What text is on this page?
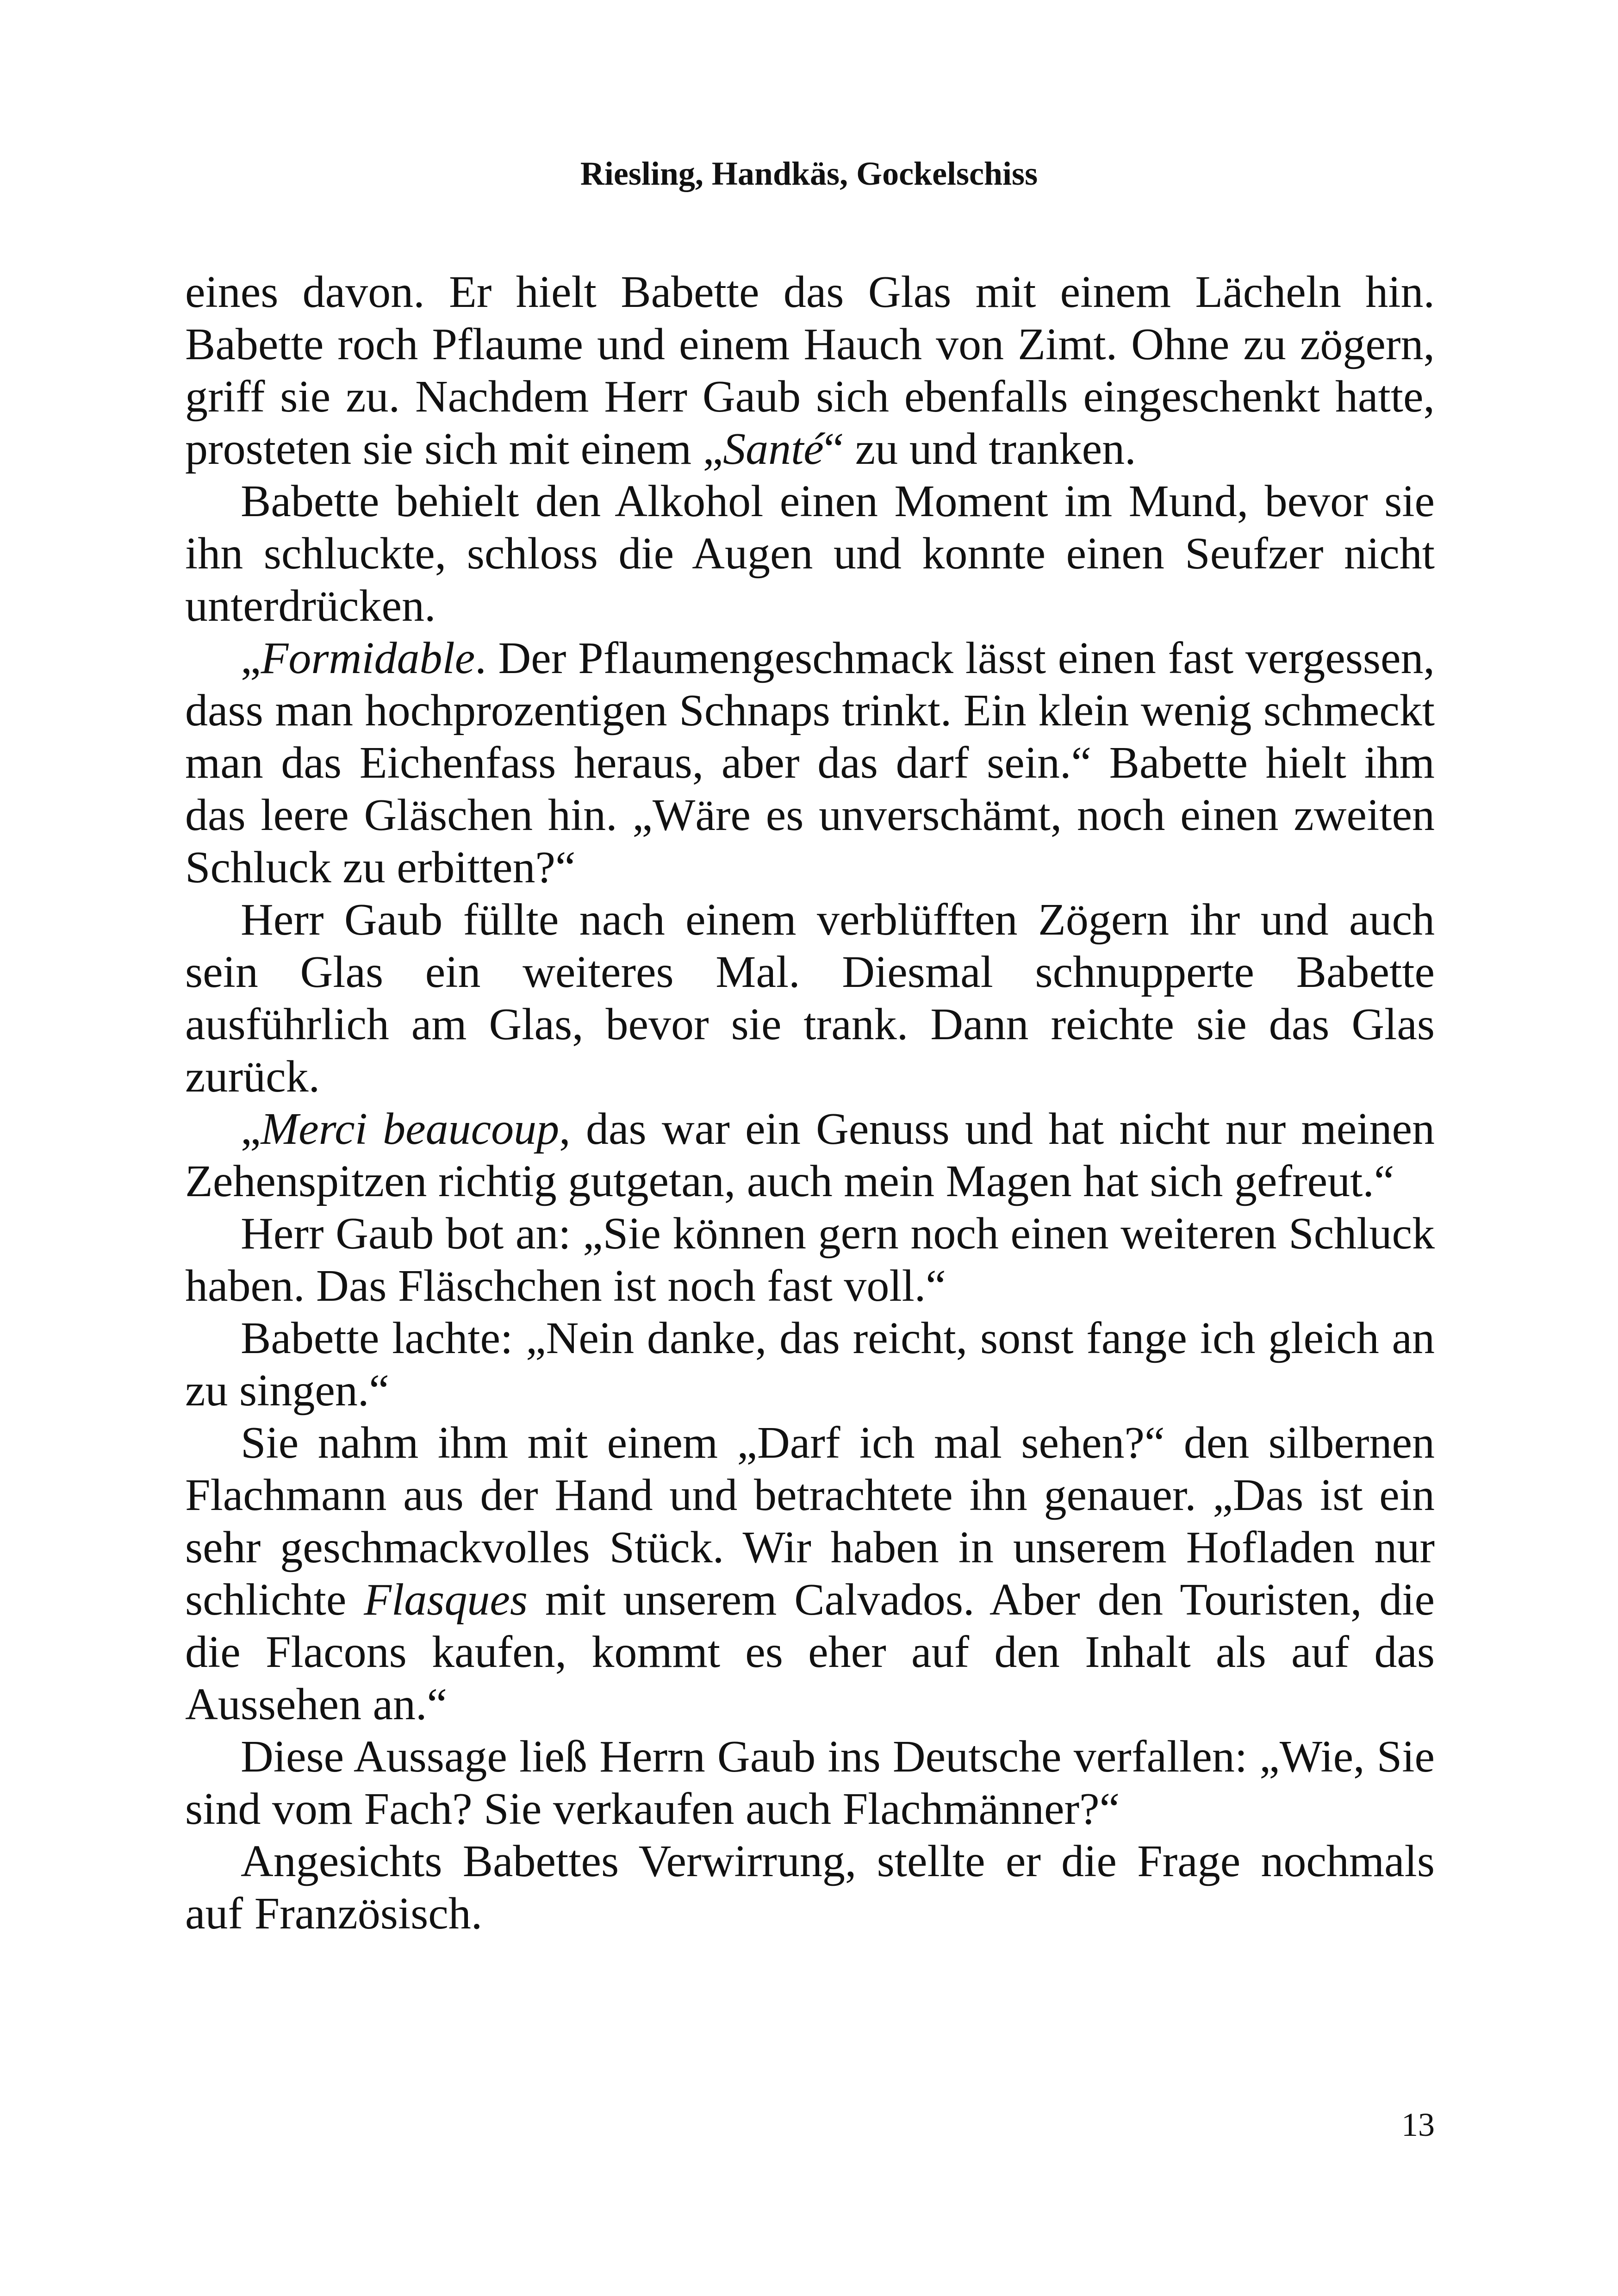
Riesling, Handkäs, Gockelschiss

eines davon. Er hielt Babette das Glas mit einem Lächeln hin. Babette roch Pflaume und einem Hauch von Zimt. Ohne zu zögern, griff sie zu. Nachdem Herr Gaub sich ebenfalls eingeschenkt hatte, prosteten sie sich mit einem „Santé“ zu und tranken.

Babette behielt den Alkohol einen Moment im Mund, bevor sie ihn schluckte, schloss die Augen und konnte einen Seufzer nicht unterdrücken.

„Formidable. Der Pflaumengeschmack lässt einen fast vergessen, dass man hochprozentigen Schnaps trinkt. Ein klein wenig schmeckt man das Eichenfass heraus, aber das darf sein.“ Babette hielt ihm das leere Gläschen hin. „Wäre es unverschämt, noch einen zweiten Schluck zu erbitten?“

Herr Gaub füllte nach einem verblüfften Zögern ihr und auch sein Glas ein weiteres Mal. Diesmal schnupperte Babette ausführlich am Glas, bevor sie trank. Dann reichte sie das Glas zurück.

„Merci beaucoup, das war ein Genuss und hat nicht nur meinen Zehenspitzen richtig gutgetan, auch mein Magen hat sich gefreut.“

Herr Gaub bot an: „Sie können gern noch einen weiteren Schluck haben. Das Fläschchen ist noch fast voll.“

Babette lachte: „Nein danke, das reicht, sonst fange ich gleich an zu singen.“

Sie nahm ihm mit einem „Darf ich mal sehen?“ den silbernen Flachmann aus der Hand und betrachtete ihn genauer. „Das ist ein sehr geschmackvolles Stück. Wir haben in unserem Hofladen nur schlichte Flasques mit unserem Calvados. Aber den Touristen, die die Flacons kaufen, kommt es eher auf den Inhalt als auf das Aussehen an.“

Diese Aussage ließ Herrn Gaub ins Deutsche verfallen: „Wie, Sie sind vom Fach? Sie verkaufen auch Flachmänner?“

Angesichts Babettes Verwirrung, stellte er die Frage nochmals auf Französisch.

13
